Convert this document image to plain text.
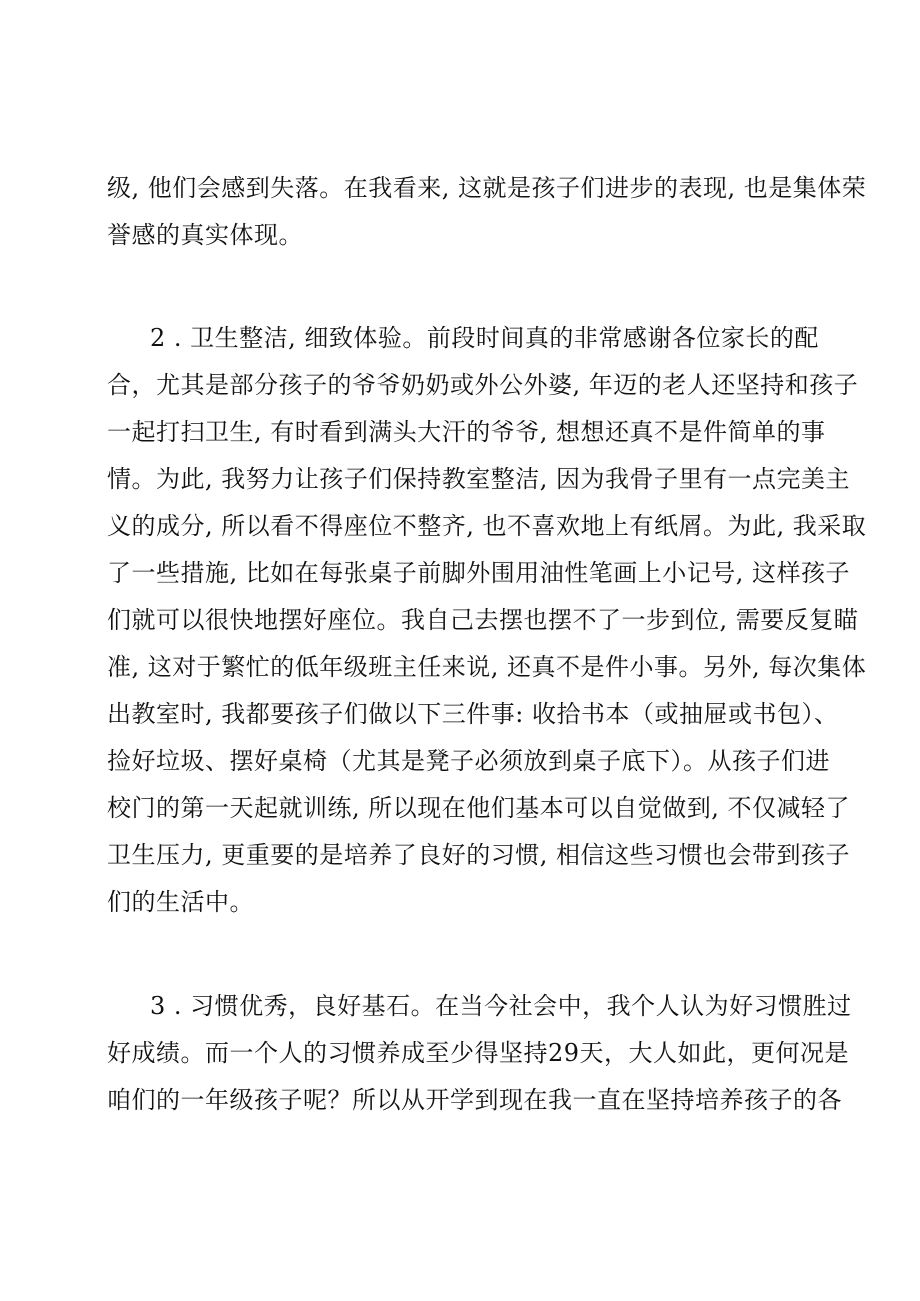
级, 他们会感到失落。在我看来, 这就是孩子们进步的表现, 也是集体荣
誉感的真实体现。
2 . 卫生整洁, 细致体验。前段时间真的非常感谢各位家长的配
合，尤其是部分孩子的爷爷奶奶或外公外婆, 年迈的老人还坚持和孩子
一起打扫卫生, 有时看到满头大汗的爷爷, 想想还真不是件简单的事
情。为此, 我努力让孩子们保持教室整洁, 因为我骨子里有一点完美主
义的成分, 所以看不得座位不整齐, 也不喜欢地上有纸屑。为此, 我采取
了一些措施, 比如在每张桌子前脚外围用油性笔画上小记号, 这样孩子
们就可以很快地摆好座位。我自己去摆也摆不了一步到位, 需要反复瞄
准, 这对于繁忙的低年级班主任来说, 还真不是件小事。另外, 每次集体
出教室时, 我都要孩子们做以下三件事: 收拾书本（或抽屉或书包）、
捡好垃圾、摆好桌椅（尤其是凳子必须放到桌子底下）。从孩子们进
校门的第一天起就训练, 所以现在他们基本可以自觉做到, 不仅减轻了
卫生压力, 更重要的是培养了良好的习惯, 相信这些习惯也会带到孩子
们的生活中。
3 . 习惯优秀，良好基石。在当今社会中，我个人认为好习惯胜过
好成绩。而一个人的习惯养成至少得坚持29天，大人如此，更何况是
咱们的一年级孩子呢？所以从开学到现在我一直在坚持培养孩子的各
